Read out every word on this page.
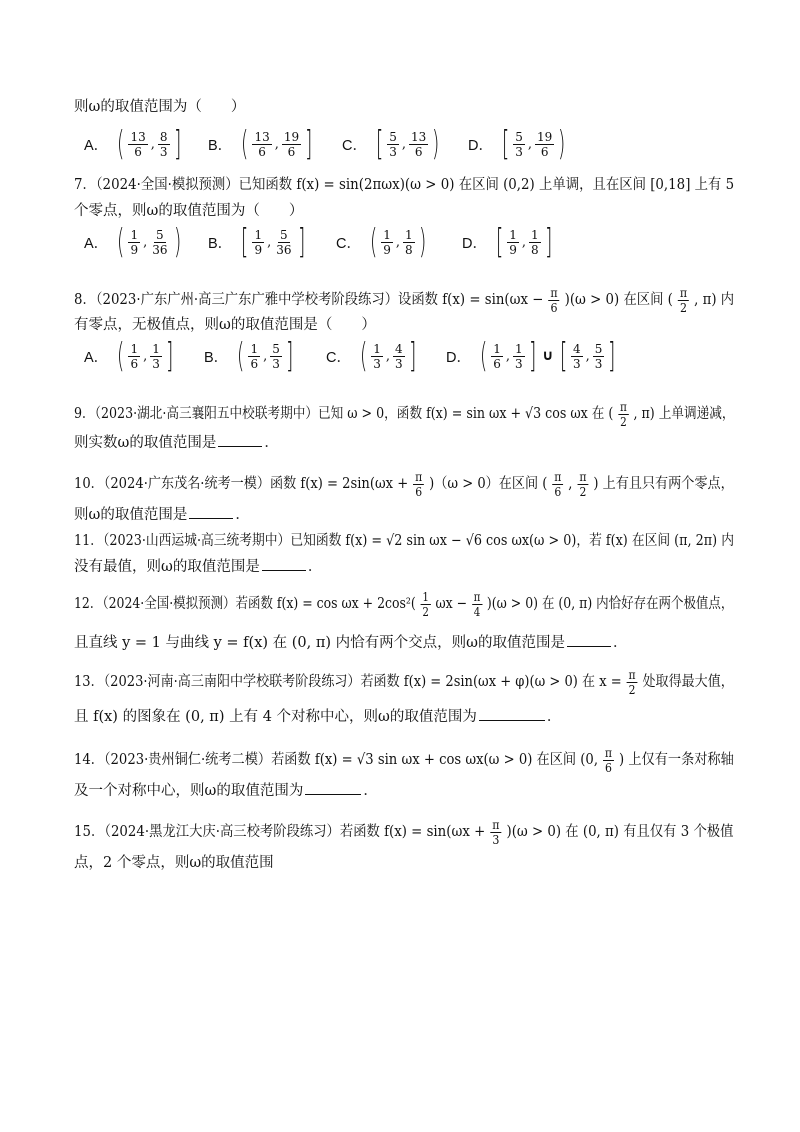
则ω的取值范围为（　　）
A． ( $\frac{13}{6}$ , $\frac{8}{3}$ ] B． ( $\frac{13}{6}$ , $\frac{19}{6}$ ] C． [ $\frac{5}{3}$ , $\frac{13}{6}$ ) D． [ $\frac{5}{3}$ , $\frac{19}{6}$ )
7．（2024·全国·模拟预测）已知函数 f(x) = sin(2πωx)(ω > 0) 在区间 (0,2) 上单调，且在区间 [0,18] 上有 5
个零点，则ω的取值范围为（　　）
A． ( $\frac{1}{9}$ , $\frac{5}{36}$ ) B． [ $\frac{1}{9}$ , $\frac{5}{36}$ ] C． ( $\frac{1}{9}$ , $\frac{1}{8}$ ) D． [ $\frac{1}{9}$ , $\frac{1}{8}$ ]
8．（2023·广东广州·高三广东广雅中学校考阶段练习）设函数 $f(x) = \sin(\omega x - \frac{\pi}{6} )(\omega > 0)$ 在区间 ( $\frac{\pi}{2}$ , π) 内
有零点，无极值点，则ω的取值范围是（　　）
A． ( $\frac{1}{6}$ , $\frac{1}{3}$ ] B． ( $\frac{1}{6}$ , $\frac{5}{3}$ ] C． ( $\frac{1}{3}$ , $\frac{4}{3}$ ] D． ( $\frac{1}{6}$ , $\frac{1}{3}$ ] ∪ [ $\frac{4}{3}$ , $\frac{5}{3}$ ]
9．（2023·湖北·高三襄阳五中校联考期中）已知 ω > 0，函数 f(x) = sin ωx + √3 cos ωx 在 ( $\frac{\pi}{2}$ , π) 上单调递减，
则实数ω的取值范围是	．
10．（2024·广东茂名·统考一模）函数 $f(x) = 2\sin(\omega x + \frac{\pi}{6} )(\omega > 0)$在区间 ( $\frac{\pi}{6}$ , $\frac{\pi}{2}$ ) 上有且只有两个零点，
则ω的取值范围是	．
11．（2023·山西运城·高三统考期中）已知函数 f(x) = √2 sin ωx − √6 cos ωx(ω > 0)，若 f(x) 在区间 (π, 2π) 内
没有最值，则ω的取值范围是	．
12．（2024·全国·模拟预测）若函数 $f(x) = \cos \omega x + 2\cos^2( \frac{1}{2}$ $\omega x - \frac{\pi}{4} )(\omega > 0)$ 在 (0, π) 内恰好存在两个极值点，
且直线 y = 1 与曲线 y = f(x) 在 (0, π) 内恰有两个交点，则ω的取值范围是	．
13．（2023·河南·高三南阳中学校联考阶段练习）若函数 f(x) = 2sin(ωx + φ)(ω > 0) 在 $x = \frac{\pi}{2}$ 处取得最大值，
且 f(x) 的图象在 (0, π) 上有 4 个对称中心，则ω的取值范围为	．
14．（2023·贵州铜仁·统考二模）若函数 f(x) = √3 sin ωx + cos ωx(ω > 0) 在区间 (0, $\frac{\pi}{6}$ ) 上仅有一条对称轴
及一个对称中心，则ω的取值范围为	．
15．（2024·黑龙江大庆·高三校考阶段练习）若函数 $f(x) = \sin(\omega x + \frac{\pi}{3} )(\omega > 0)$ 在 (0, π) 有且仅有 3 个极值
点，2 个零点，则ω的取值范围
